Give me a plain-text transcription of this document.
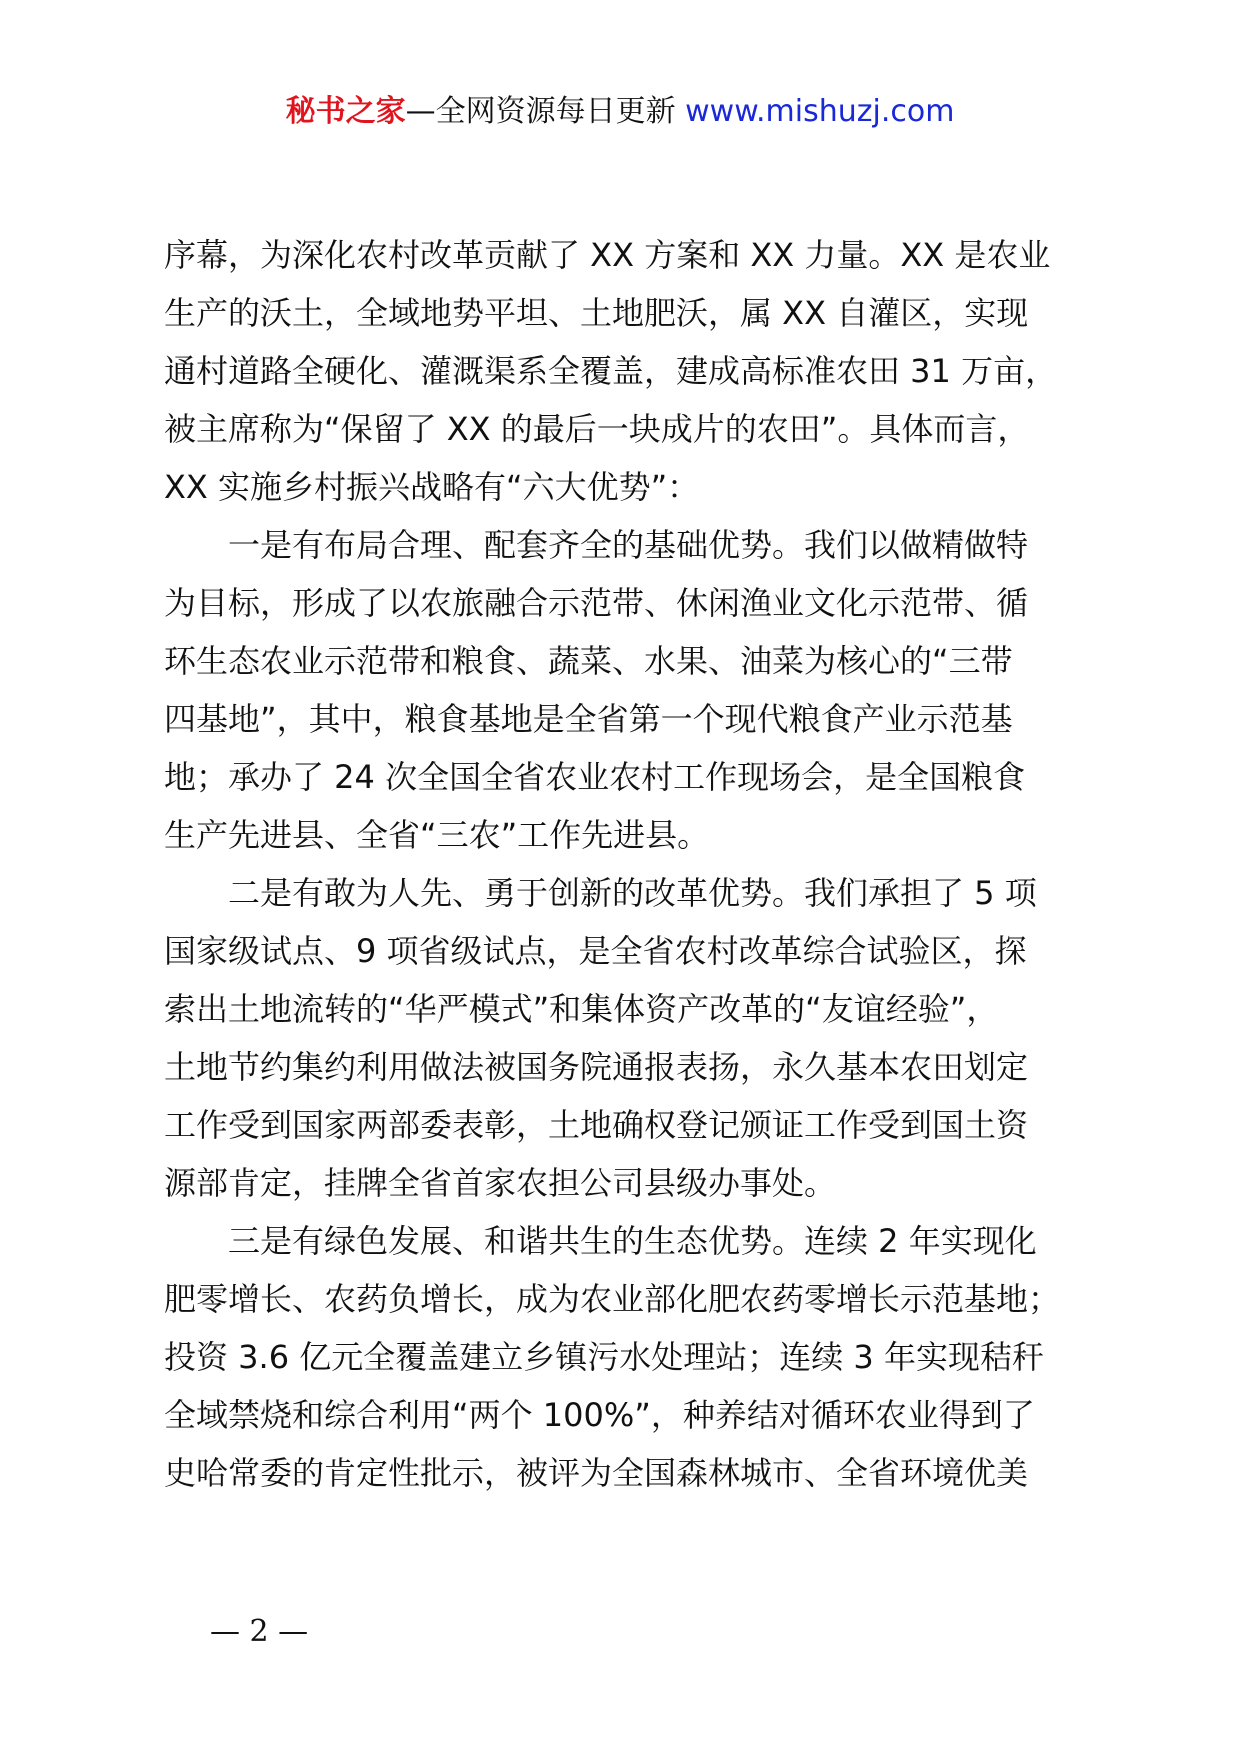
秘书之家—全网资源每日更新 www.mishuzj.com
序幕，为深化农村改革贡献了 XX 方案和 XX 力量。XX 是农业
生产的沃土，全域地势平坦、土地肥沃，属 XX 自灌区，实现
通村道路全硬化、灌溉渠系全覆盖，建成高标准农田 31 万亩，
被主席称为“保留了 XX 的最后一块成片的农田”。具体而言，
XX 实施乡村振兴战略有“六大优势”：
　　一是有布局合理、配套齐全的基础优势。我们以做精做特
为目标，形成了以农旅融合示范带、休闲渔业文化示范带、循
环生态农业示范带和粮食、蔬菜、水果、油菜为核心的“三带
四基地”，其中，粮食基地是全省第一个现代粮食产业示范基
地；承办了 24 次全国全省农业农村工作现场会，是全国粮食
生产先进县、全省“三农”工作先进县。
　　二是有敢为人先、勇于创新的改革优势。我们承担了 5 项
国家级试点、9 项省级试点，是全省农村改革综合试验区，探
索出土地流转的“华严模式”和集体资产改革的“友谊经验”，
土地节约集约利用做法被国务院通报表扬，永久基本农田划定
工作受到国家两部委表彰，土地确权登记颁证工作受到国土资
源部肯定，挂牌全省首家农担公司县级办事处。
　　三是有绿色发展、和谐共生的生态优势。连续 2 年实现化
肥零增长、农药负增长，成为农业部化肥农药零增长示范基地；
投资 3.6 亿元全覆盖建立乡镇污水处理站；连续 3 年实现秸秆
全域禁烧和综合利用“两个 100%”，种养结对循环农业得到了
史哈常委的肯定性批示，被评为全国森林城市、全省环境优美
— 2 —
